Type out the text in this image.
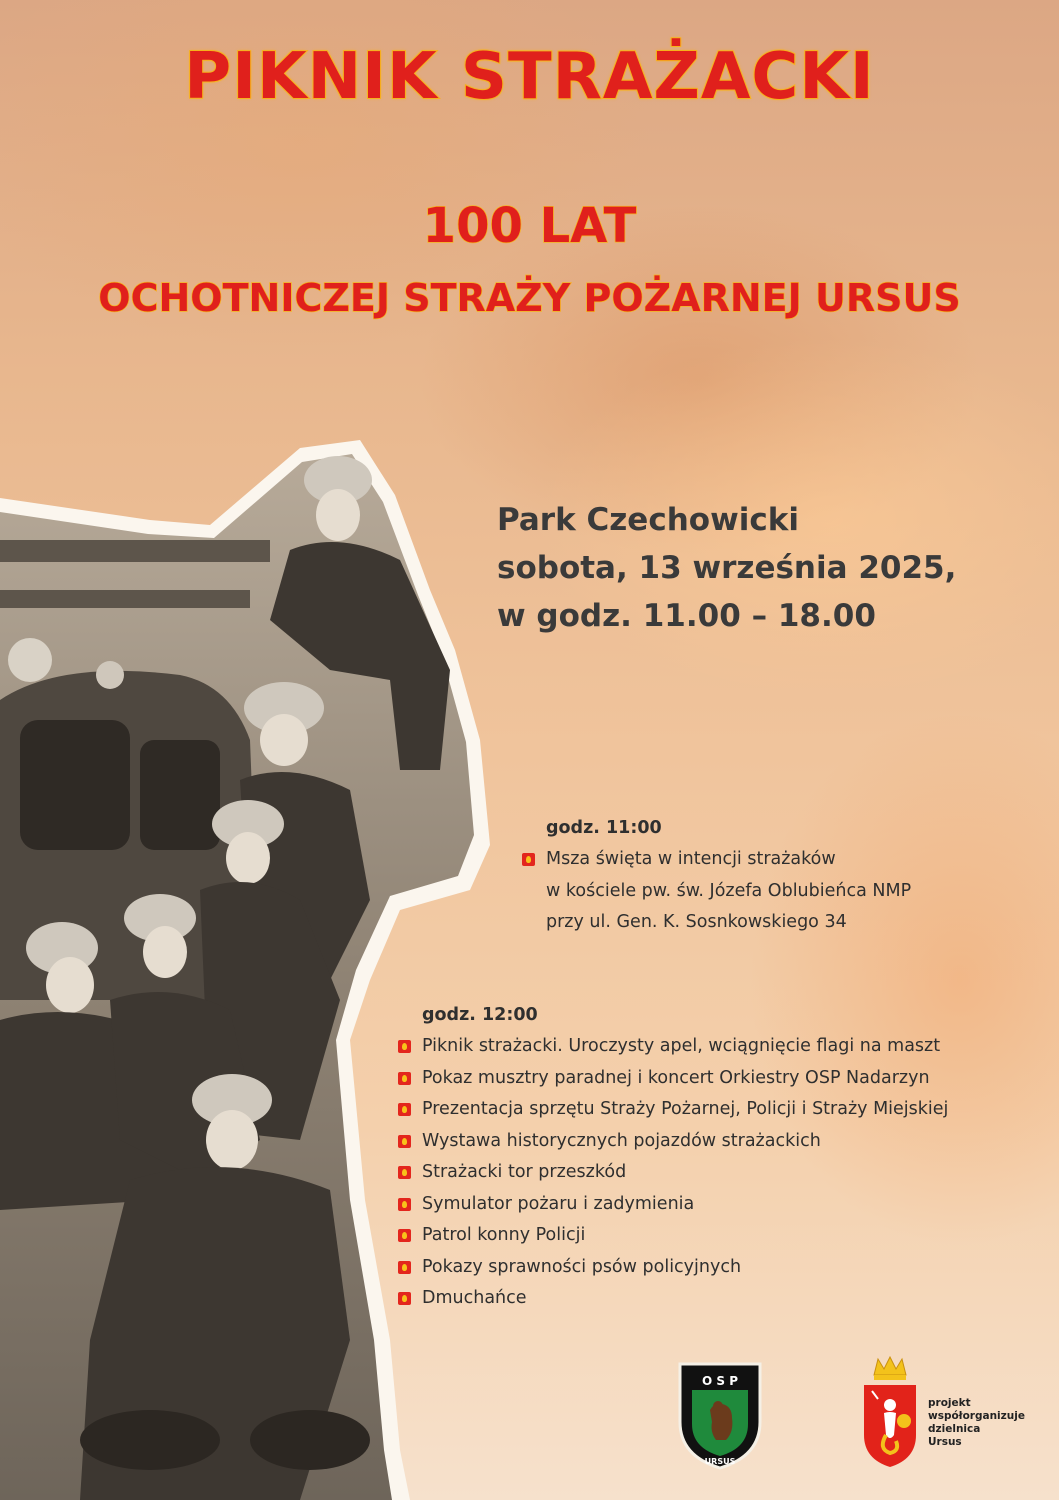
PIKNIK STRAŻACKI
100 LAT
OCHOTNICZEJ STRAŻY POŻARNEJ URSUS
Park Czechowicki
sobota, 13 września 2025,
w godz. 11.00 – 18.00
godz. 11:00
Msza święta w intencji strażaków
w kościele pw. św. Józefa Oblubieńca NMP
przy ul. Gen. K. Sosnkowskiego 34
godz. 12:00
Piknik strażacki. Uroczysty apel, wciągnięcie flagi na maszt
Pokaz musztry paradnej i koncert Orkiestry OSP Nadarzyn
Prezentacja sprzętu Straży Pożarnej, Policji i Straży Miejskiej
Wystawa historycznych pojazdów strażackich
Strażacki tor przeszkód
Symulator pożaru i zadymienia
Patrol konny Policji
Pokazy sprawności psów policyjnych
Dmuchańce
O S P
URSUS
projekt
współorganizuje
dzielnica
Ursus
